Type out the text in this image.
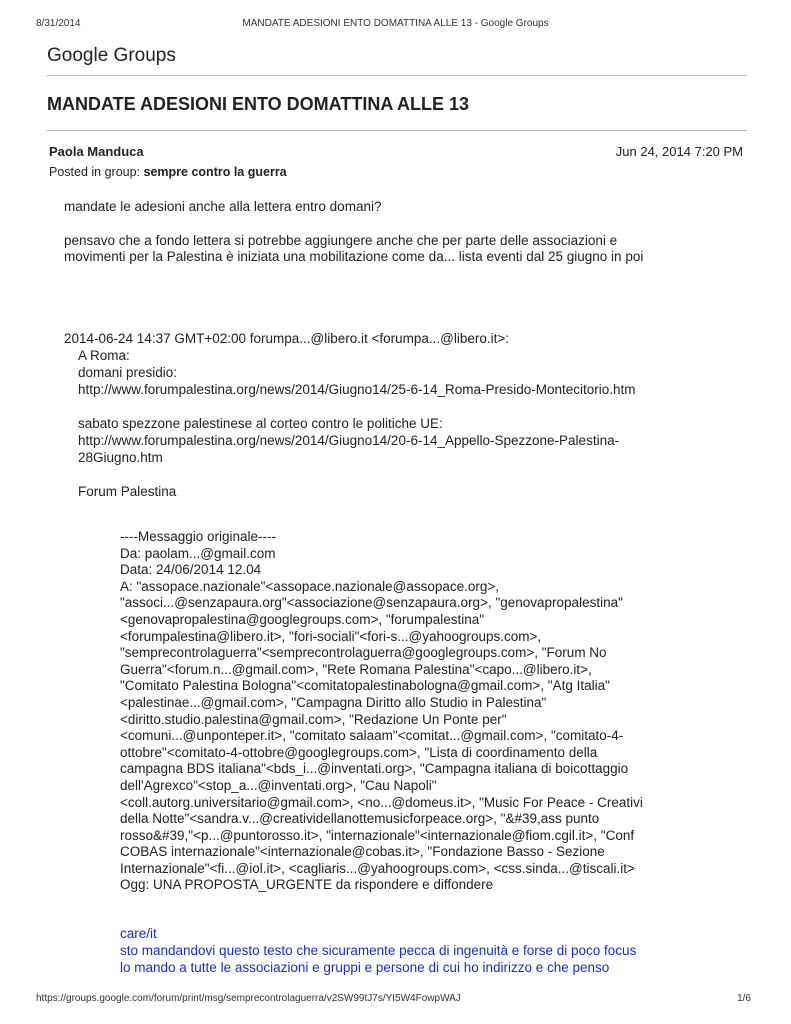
8/31/2014	MANDATE ADESIONI ENTO DOMATTINA ALLE 13 - Google Groups
Google Groups
MANDATE ADESIONI ENTO DOMATTINA ALLE 13
Paola Manduca	Jun 24, 2014 7:20 PM
Posted in group: sempre contro la guerra

mandate le adesioni anche alla lettera entro domani?

pensavo che a fondo lettera si potrebbe aggiungere anche che per parte delle associazioni e
movimenti per la Palestina è iniziata una mobilitazione come da... lista eventi dal 25 giugno in poi
2014-06-24 14:37 GMT+02:00 forumpa...@libero.it <forumpa...@libero.it>:
A Roma:
domani presidio:
http://www.forumpalestina.org/news/2014/Giugno14/25-6-14_Roma-Presido-Montecitorio.htm
sabato spezzone palestinese al corteo contro le politiche UE:
http://www.forumpalestina.org/news/2014/Giugno14/20-6-14_Appello-Spezzone-Palestina-
28Giugno.htm
Forum Palestina
----Messaggio originale----
Da: paolam...@gmail.com
Data: 24/06/2014 12.04
A: "assopace.nazionale"<assopace.nazionale@assopace.org>,
"associ...@senzapaura.org"<associazione@senzapaura.org>, "genovapropalestina"
<genovapropalestina@googlegroups.com>, "forumpalestina"
<forumpalestina@libero.it>, "fori-sociali"<fori-s...@yahoogroups.com>,
"semprecontrolaguerra"<semprecontrolaguerra@googlegroups.com>, "Forum No
Guerra"<forum.n...@gmail.com>, "Rete Romana Palestina"<capo...@libero.it>,
"Comitato Palestina Bologna"<comitatopalestinabologna@gmail.com>, "Atg Italia"
<palestinae...@gmail.com>, "Campagna Diritto allo Studio in Palestina"
<diritto.studio.palestina@gmail.com>, "Redazione Un Ponte per"
<comuni...@unponteper.it>, "comitato salaam"<comitat...@gmail.com>, "comitato-4-
ottobre"<comitato-4-ottobre@googlegroups.com>, "Lista di coordinamento della
campagna BDS italiana"<bds_i...@inventati.org>, "Campagna italiana di boicottaggio
dell'Agrexco"<stop_a...@inventati.org>, "Cau Napoli"
<coll.autorg.universitario@gmail.com>, <no...@domeus.it>, "Music For Peace - Creativi
della Notte"<sandra.v...@creatividellanottemusicforpeace.org>, "&#39,ass punto
rosso&#39,"<p...@puntorosso.it>, "internazionale"<internazionale@fiom.cgil.it>, "Conf
COBAS internazionale"<internazionale@cobas.it>, "Fondazione Basso - Sezione
Internazionale"<fi...@iol.it>, <cagliaris...@yahoogroups.com>, <css.sinda...@tiscali.it>
Ogg: UNA PROPOSTA_URGENTE da rispondere e diffondere
care/it
sto mandandovi questo testo che sicuramente pecca di ingenuità e forse di poco focus
lo mando a tutte le associazioni e gruppi e persone di cui ho indirizzo e che penso
https://groups.google.com/forum/print/msg/semprecontrolaguerra/v2SW99tJ7s/YI5W4FowpWAJ	1/6
